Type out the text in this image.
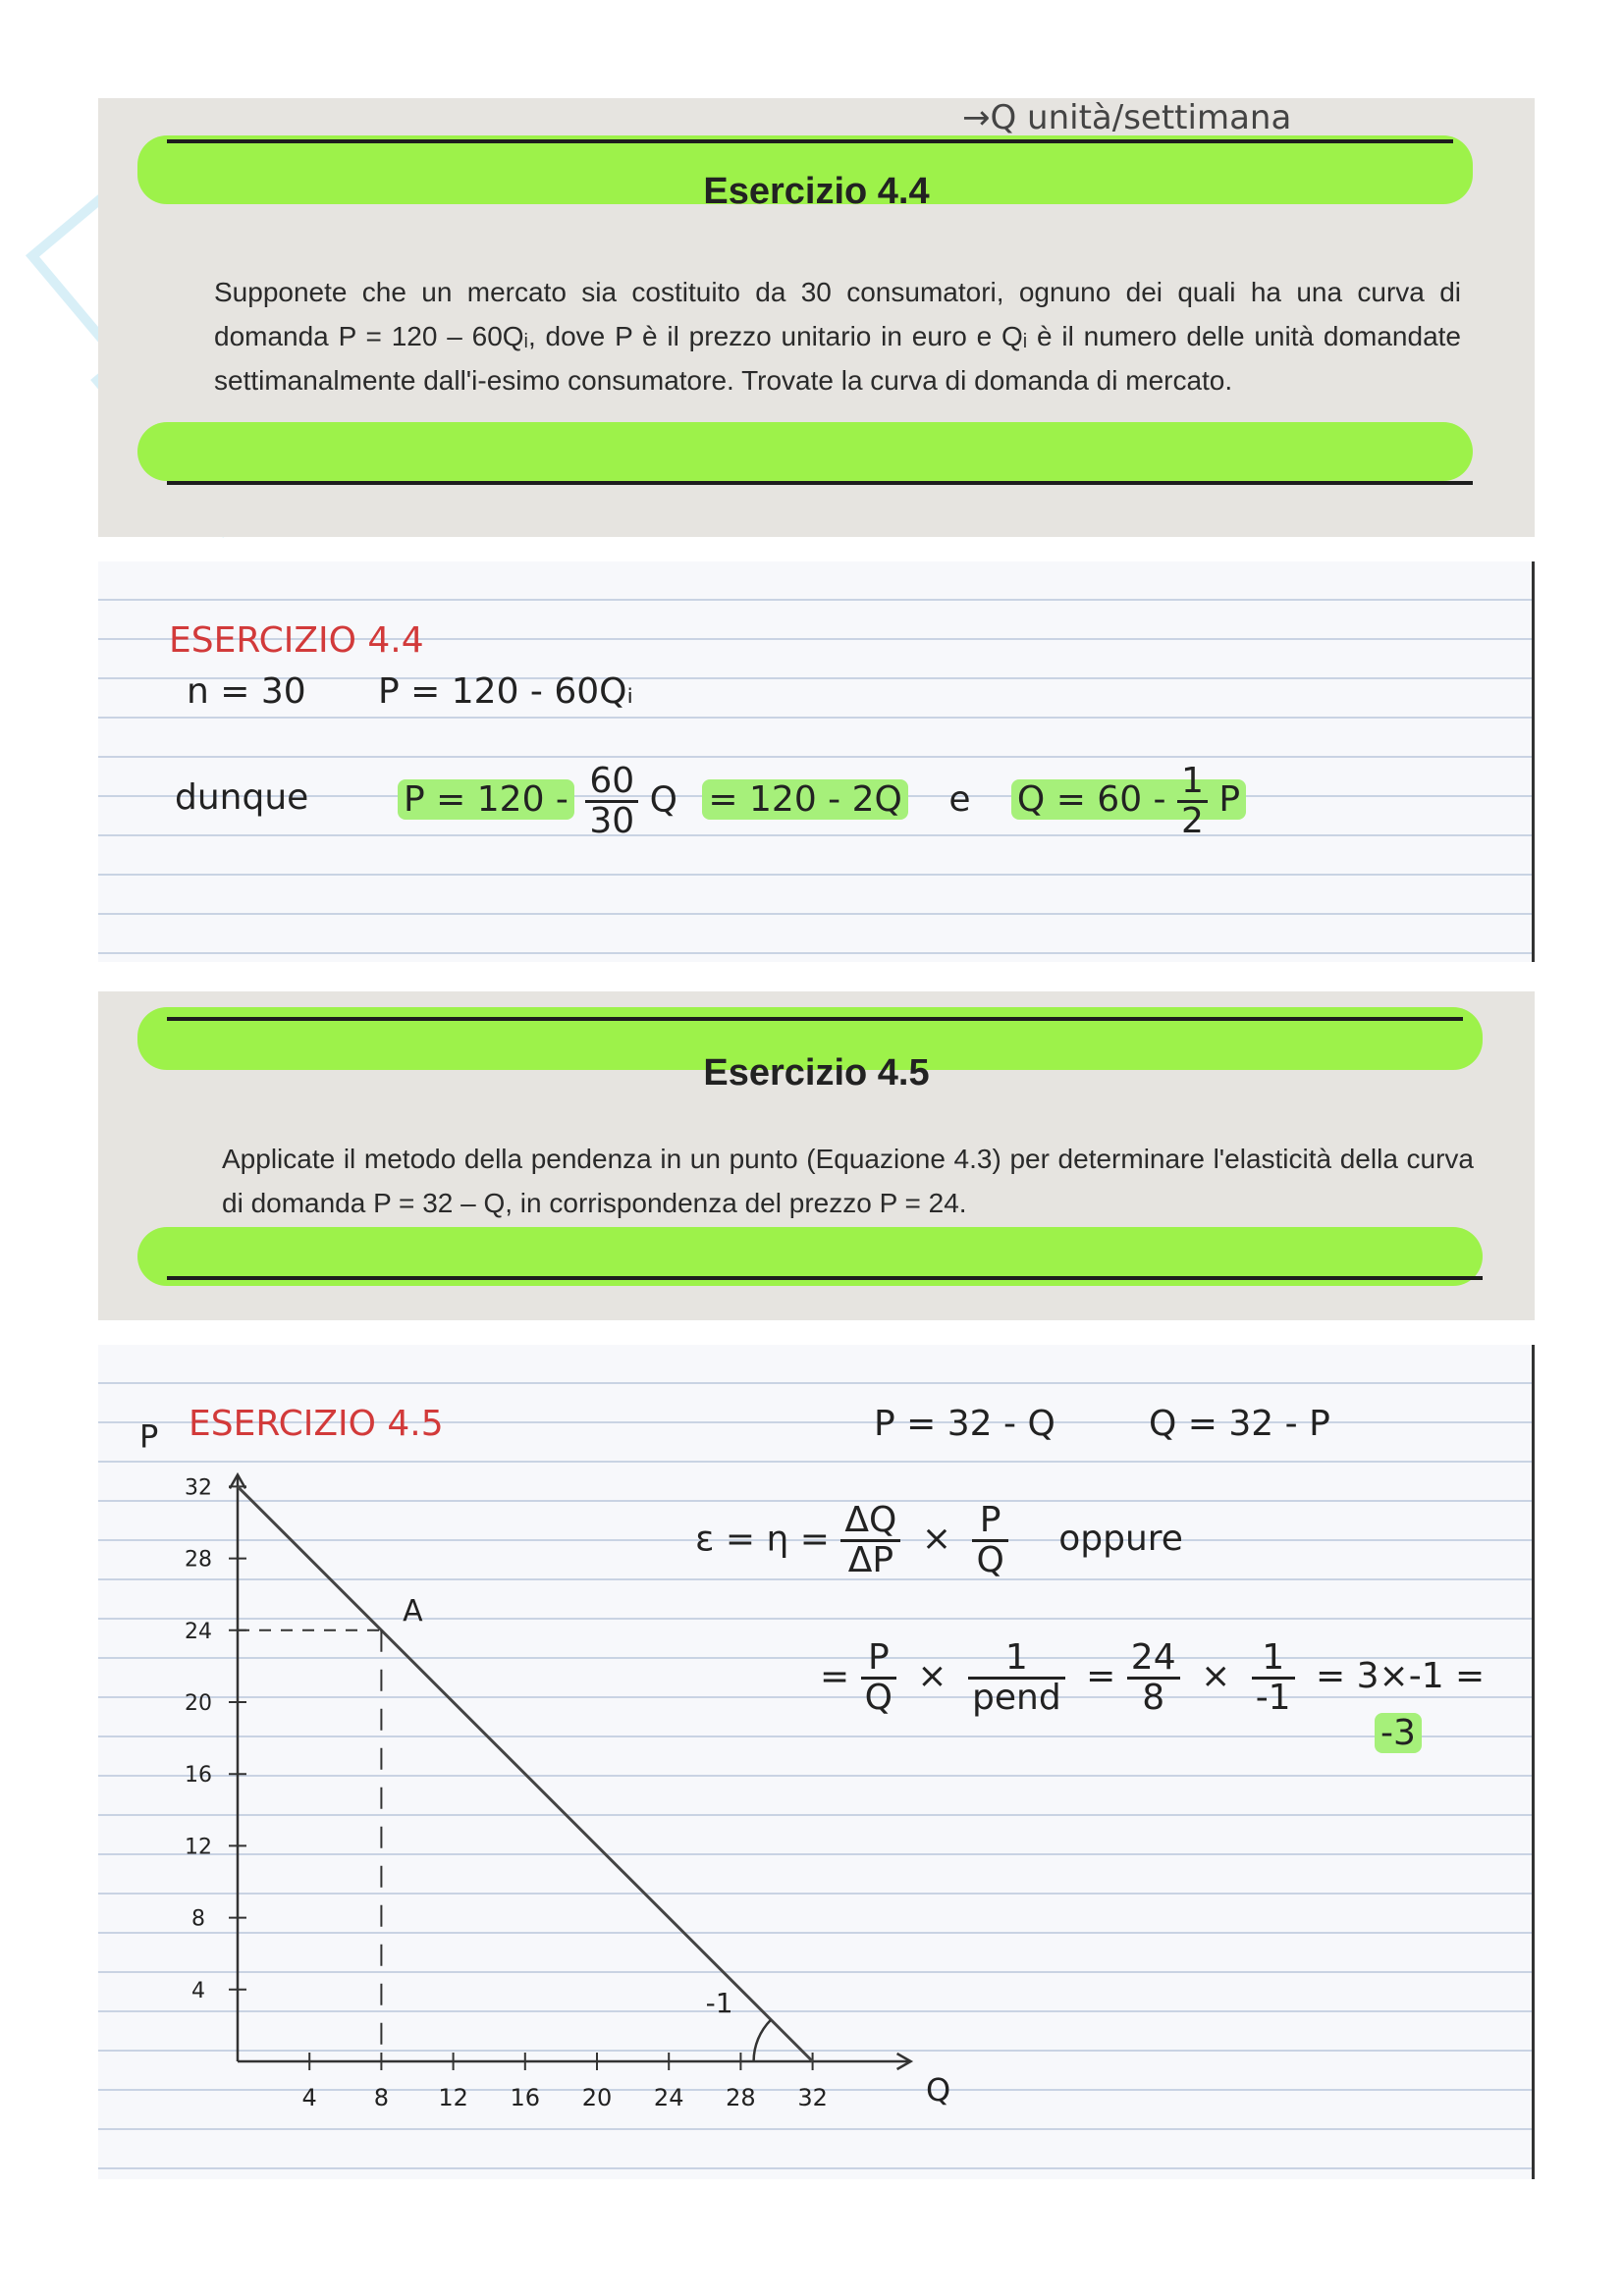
→Q unità/settimana
Esercizio 4.4
Supponete che un mercato sia costituito da 30 consumatori, ognuno dei quali ha una curva di domanda P = 120 – 60Qᵢ, dove P è il prezzo unitario in euro e Qᵢ è il numero delle unità domandate settimanalmente dall'i-esimo consumatore. Trovate la curva di domanda di mercato.
ESERCIZIO 4.4
n = 30 P = 120 - 60Qᵢ
dunque	$P = 120 - \frac{60}{30}$ Q = 120 - 2Q e $Q = 60 - \frac{1}{2}$ P
Esercizio 4.5
Applicate il metodo della pendenza in un punto (Equazione 4.3) per determinare l'elasticità della curva di domanda P = 32 – Q, in corrispondenza del prezzo P = 24.
ESERCIZIO 4.5	P = 32 - Q	Q = 32 - P
$\varepsilon = \eta = \frac{\Delta Q}{\Delta P} \times \frac{P}{Q}$ oppure
= $\frac{P}{Q} \times \frac{1}{\text{pend}} = \frac{24}{8} \times \frac{1}{-1} = 3\times-1$ =
-3
Q
P
4 8 12 16 20 24 28 32
4
8
12
16
20
24
28
32
A
-1
